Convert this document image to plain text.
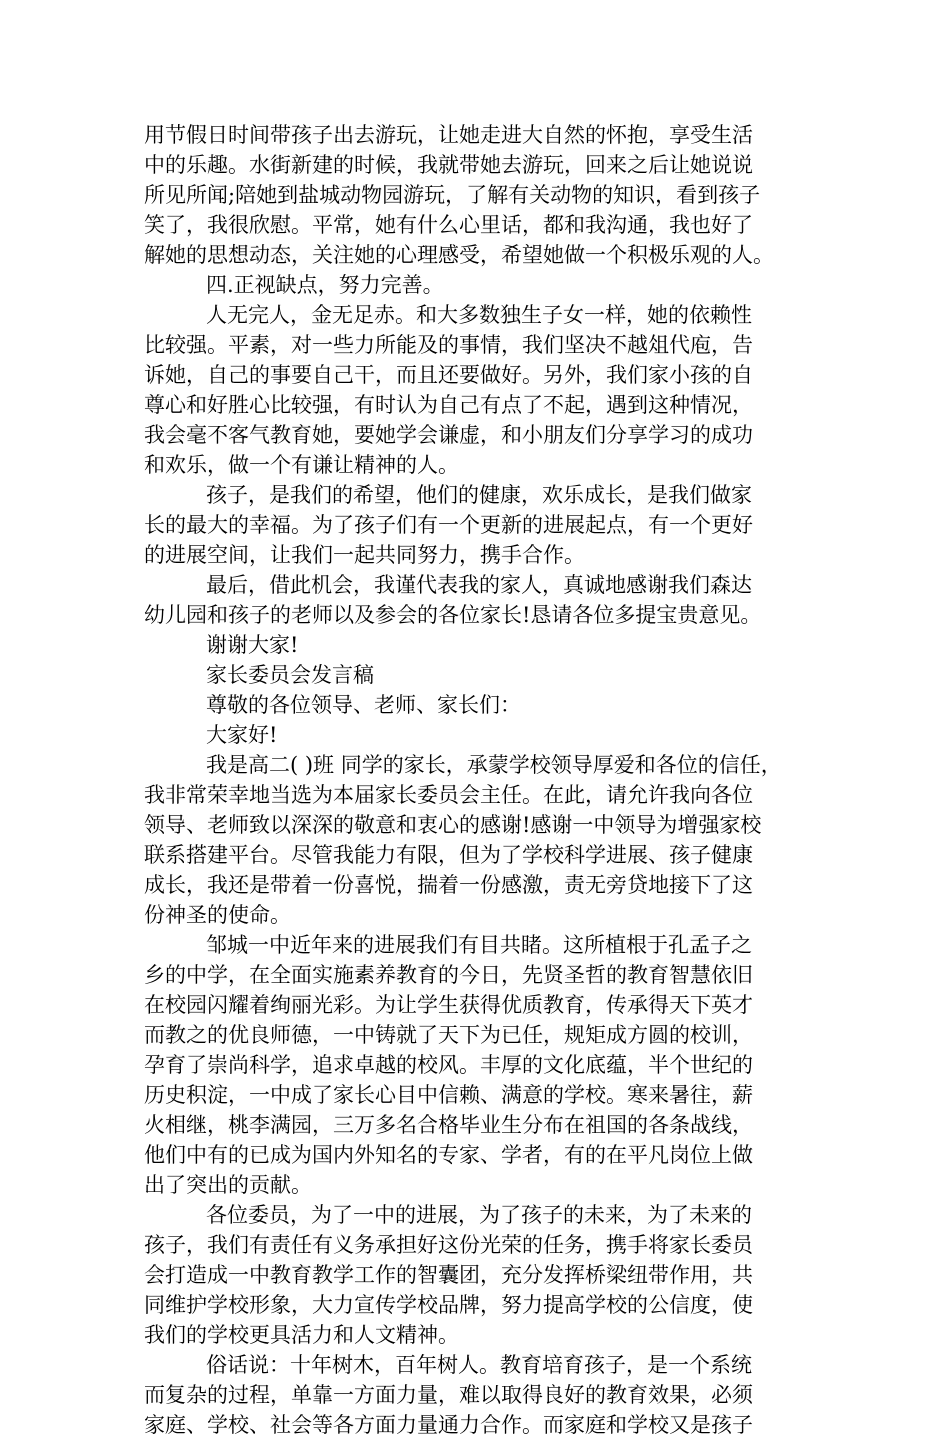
用节假日时间带孩子出去游玩，让她走进大自然的怀抱，享受生活

中的乐趣。水街新建的时候，我就带她去游玩，回来之后让她说说

所见所闻;陪她到盐城动物园游玩，了解有关动物的知识，看到孩子

笑了，我很欣慰。平常，她有什么心里话，都和我沟通，我也好了

解她的思想动态，关注她的心理感受，希望她做一个积极乐观的人。

四.正视缺点，努力完善。

人无完人，金无足赤。和大多数独生子女一样，她的依赖性

比较强。平素，对一些力所能及的事情，我们坚决不越俎代庖，告

诉她，自己的事要自己干，而且还要做好。另外，我们家小孩的自

尊心和好胜心比较强，有时认为自己有点了不起，遇到这种情况，

我会毫不客气教育她，要她学会谦虚，和小朋友们分享学习的成功

和欢乐，做一个有谦让精神的人。

孩子，是我们的希望，他们的健康，欢乐成长，是我们做家

长的最大的幸福。为了孩子们有一个更新的进展起点，有一个更好

的进展空间，让我们一起共同努力，携手合作。

最后，借此机会，我谨代表我的家人，真诚地感谢我们森达

幼儿园和孩子的老师以及参会的各位家长!恳请各位多提宝贵意见。

谢谢大家!

家长委员会发言稿

尊敬的各位领导、老师、家长们：

大家好!

我是高二( )班 同学的家长，承蒙学校领导厚爱和各位的信任，

我非常荣幸地当选为本届家长委员会主任。在此，请允许我向各位

领导、老师致以深深的敬意和衷心的感谢!感谢一中领导为增强家校

联系搭建平台。尽管我能力有限，但为了学校科学进展、孩子健康

成长，我还是带着一份喜悦，揣着一份感激，责无旁贷地接下了这

份神圣的使命。

邹城一中近年来的进展我们有目共睹。这所植根于孔孟子之

乡的中学，在全面实施素养教育的今日，先贤圣哲的教育智慧依旧

在校园闪耀着绚丽光彩。为让学生获得优质教育，传承得天下英才

而教之的优良师德，一中铸就了天下为已任，规矩成方圆的校训，

孕育了崇尚科学，追求卓越的校风。丰厚的文化底蕴，半个世纪的

历史积淀，一中成了家长心目中信赖、满意的学校。寒来暑往，薪

火相继，桃李满园，三万多名合格毕业生分布在祖国的各条战线，

他们中有的已成为国内外知名的专家、学者，有的在平凡岗位上做

出了突出的贡献。

各位委员，为了一中的进展，为了孩子的未来，为了未来的

孩子，我们有责任有义务承担好这份光荣的任务，携手将家长委员

会打造成一中教育教学工作的智囊团，充分发挥桥梁纽带作用，共

同维护学校形象，大力宣传学校品牌，努力提高学校的公信度，使

我们的学校更具活力和人文精神。

俗话说：十年树木，百年树人。教育培育孩子，是一个系统

而复杂的过程，单靠一方面力量，难以取得良好的教育效果，必须

家庭、学校、社会等各方面力量通力合作。而家庭和学校又是孩子
